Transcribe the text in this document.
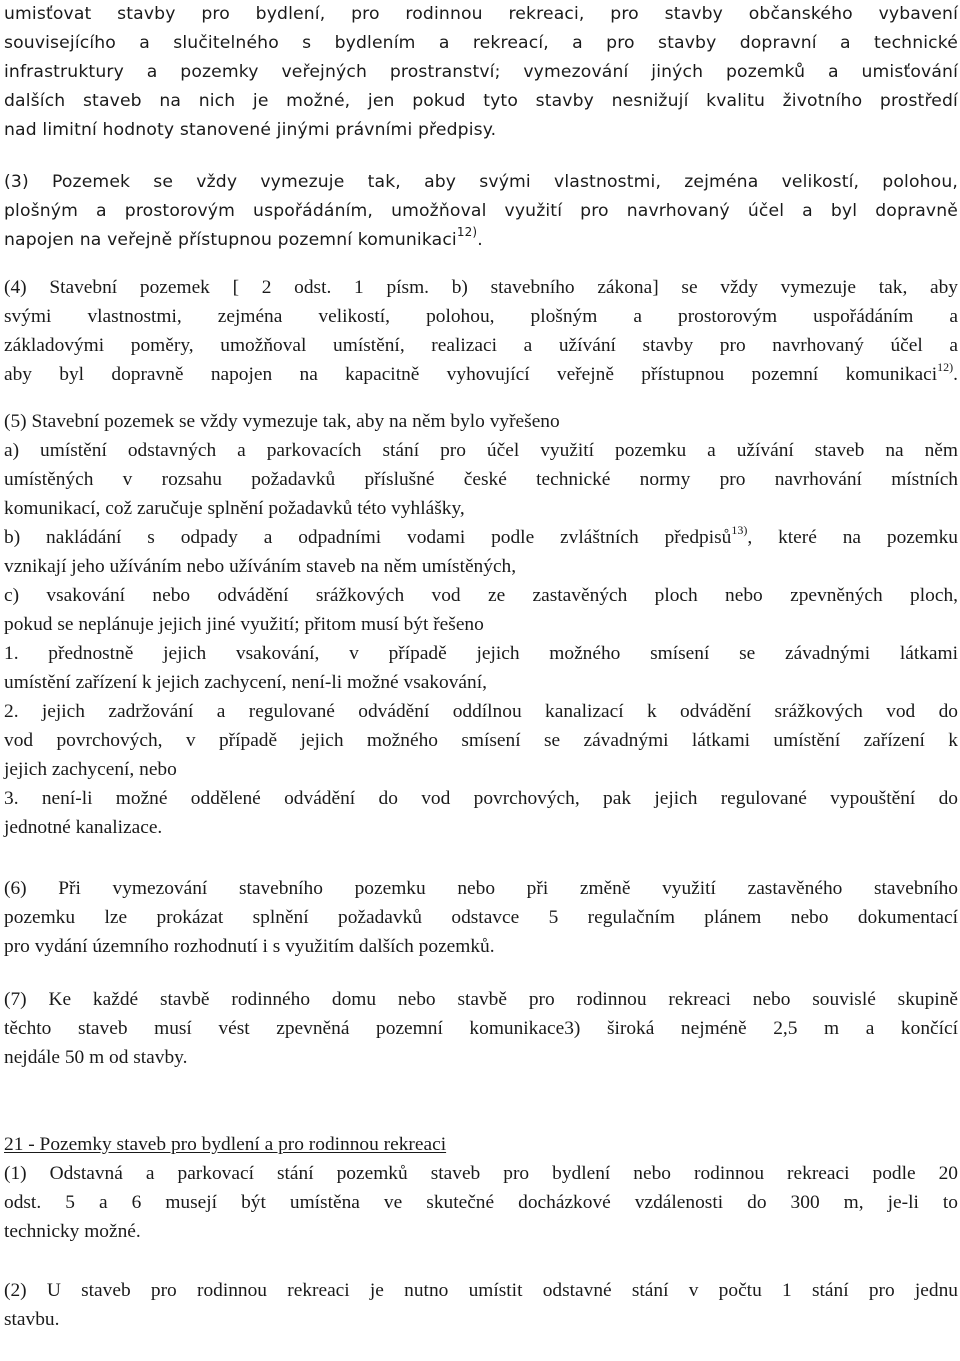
umisťovat stavby pro bydlení, pro rodinnou rekreaci, pro stavby občanského vybavení
souvisejícího a slučitelného s bydlením a rekreací, a pro stavby dopravní a technické
infrastruktury a pozemky veřejných prostranství; vymezování jiných pozemků a umisťování
dalších staveb na nich je možné, jen pokud tyto stavby nesnižují kvalitu životního prostředí
nad limitní hodnoty stanovené jinými právními předpisy.
(3) Pozemek se vždy vymezuje tak, aby svými vlastnostmi, zejména velikostí, polohou,
plošným a prostorovým uspořádáním, umožňoval využití pro navrhovaný účel a byl dopravně
napojen na veřejně přístupnou pozemní komunikaci$^{12)}$.
(4) Stavební pozemek [ 2 odst. 1 písm. b) stavebního zákona] se vždy vymezuje tak, aby
svými vlastnostmi, zejména velikostí, polohou, plošným a prostorovým uspořádáním a
základovými poměry, umožňoval umístění, realizaci a užívání stavby pro navrhovaný účel a
aby byl dopravně napojen na kapacitně vyhovující veřejně přístupnou pozemní komunikaci$^{12)}$.
(5) Stavební pozemek se vždy vymezuje tak, aby na něm bylo vyřešeno
a) umístění odstavných a parkovacích stání pro účel využití pozemku a užívání staveb na něm
umístěných v rozsahu požadavků příslušné české technické normy pro navrhování místních
komunikací, což zaručuje splnění požadavků této vyhlášky,
b) nakládání s odpady a odpadními vodami podle zvláštních předpisů$^{13)}$, které na pozemku
vznikají jeho užíváním nebo užíváním staveb na něm umístěných,
c) vsakování nebo odvádění srážkových vod ze zastavěných ploch nebo zpevněných ploch,
pokud se neplánuje jejich jiné využití; přitom musí být řešeno
1. přednostně jejich vsakování, v případě jejich možného smísení se závadnými látkami
umístění zařízení k jejich zachycení, není-li možné vsakování,
2. jejich zadržování a regulované odvádění oddílnou kanalizací k odvádění srážkových vod do
vod povrchových, v případě jejich možného smísení se závadnými látkami umístění zařízení k
jejich zachycení, nebo
3. není-li možné oddělené odvádění do vod povrchových, pak jejich regulované vypouštění do
jednotné kanalizace.
(6) Při vymezování stavebního pozemku nebo při změně využití zastavěného stavebního
pozemku lze prokázat splnění požadavků odstavce 5 regulačním plánem nebo dokumentací
pro vydání územního rozhodnutí i s využitím dalších pozemků.
(7) Ke každé stavbě rodinného domu nebo stavbě pro rodinnou rekreaci nebo souvislé skupině
těchto staveb musí vést zpevněná pozemní komunikace3) široká nejméně 2,5 m a končící
nejdále 50 m od stavby.
21 - Pozemky staveb pro bydlení a pro rodinnou rekreaci
(1) Odstavná a parkovací stání pozemků staveb pro bydlení nebo rodinnou rekreaci podle 20
odst. 5 a 6 musejí být umístěna ve skutečné docházkové vzdálenosti do 300 m, je-li to
technicky možné.
(2) U staveb pro rodinnou rekreaci je nutno umístit odstavné stání v počtu 1 stání pro jednu
stavbu.
